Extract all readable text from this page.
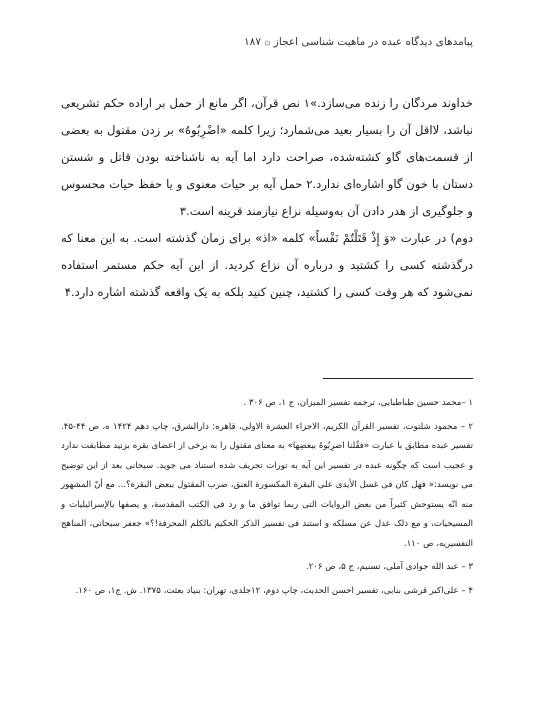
پیامدهای دیدگاه عبده در ماهیت شناسی اعجاز ۞ ۱۸۷

خداوند مردگان را زنده می‌سازد.»۱ نص قرآن، اگر مانع از حمل بر اراده حکم تشریعی نباشد، لااقل آن را بسیار بعید می‌شمارد؛ زیرا کلمه «اضْرِبُوهُ» بر زدن مقتول به بعضی از قسمت‌های گاو کشته‌شده، صراحت دارد اما آیه به ناشناخته بودن قاتل و شستن دستان با خون گاو اشاره‌ای ندارد.۲ حمل آیه بر حیات معنوی و یا حفظ حیات محسوس و جلوگیری از هدر دادن آن به‌وسیله نزاع نیازمند قرینه است.۳

دوم) در عبارت «وَ إِذْ قَتَلْتُمْ نَفْساً» کلمه «اذ» برای زمان گذشته است. به این معنا که درگذشته کسی را کشتید و درباره آن نزاع کردید. از این آیه حکم مستمر استفاده نمی‌شود که هر وقت کسی را کشتید، چنین کنید بلکه به یک واقعه گذشته اشاره دارد.۴

۱ –محمد حسین طباطبایی، ترجمه تفسیر المیزان، ج ۱، ص ۳۰۶ .

۲ – محمود شلتوت، تفسیر القرآن الکریم، الاجزاء العشرة الاولی، قاهره: دارالشرق، چاپ دهم ۱۴۲۴ ه، ص ۴۴-۴۵. تفسیر عبده مطابق با عبارت «فقُلنا اضرِبُوهُ ببعضِها» به معنای مقتول را به برخی از اعضای بقره بزنید مطابقت ندارد و عجیب است که چگونه عبده در تفسیر این آیه به تورات تحریف شده استناد می جوید. سبحانی بعد از این توضیح می نویسد:« فهل کان فی غسل الأیدی علی البقرة المکسورة العنق، ضرب المقتول ببعض البقرة؟... مع أنّ المشهور منه انّه یستوحش کثیراً من بعض الروایات التی ربما توافق ما و رد فی الکتب المقدسة، و یصفها بالإسرائیلیات و المسیحیات، و مع ذلک عدل عن مسلکه و استند فی تفسیر الذکر الحکیم بالکلم المحرفة!؟» جعفر سبحانی، المناهج التفسیریه، ص ۱۱۰.

۳ – عبد الله جوادی آملی، تسنیم، ج ۵، ص ۲۰۶.

۴ – علی‌اکبر قرشی بنابی، تفسیر احسن الحدیث، چاپ دوم، ۱۲جلدی، تهران: بنیاد بعثت، ۱۳۷۵. ش. ج۱، ص ۱۶۰.
